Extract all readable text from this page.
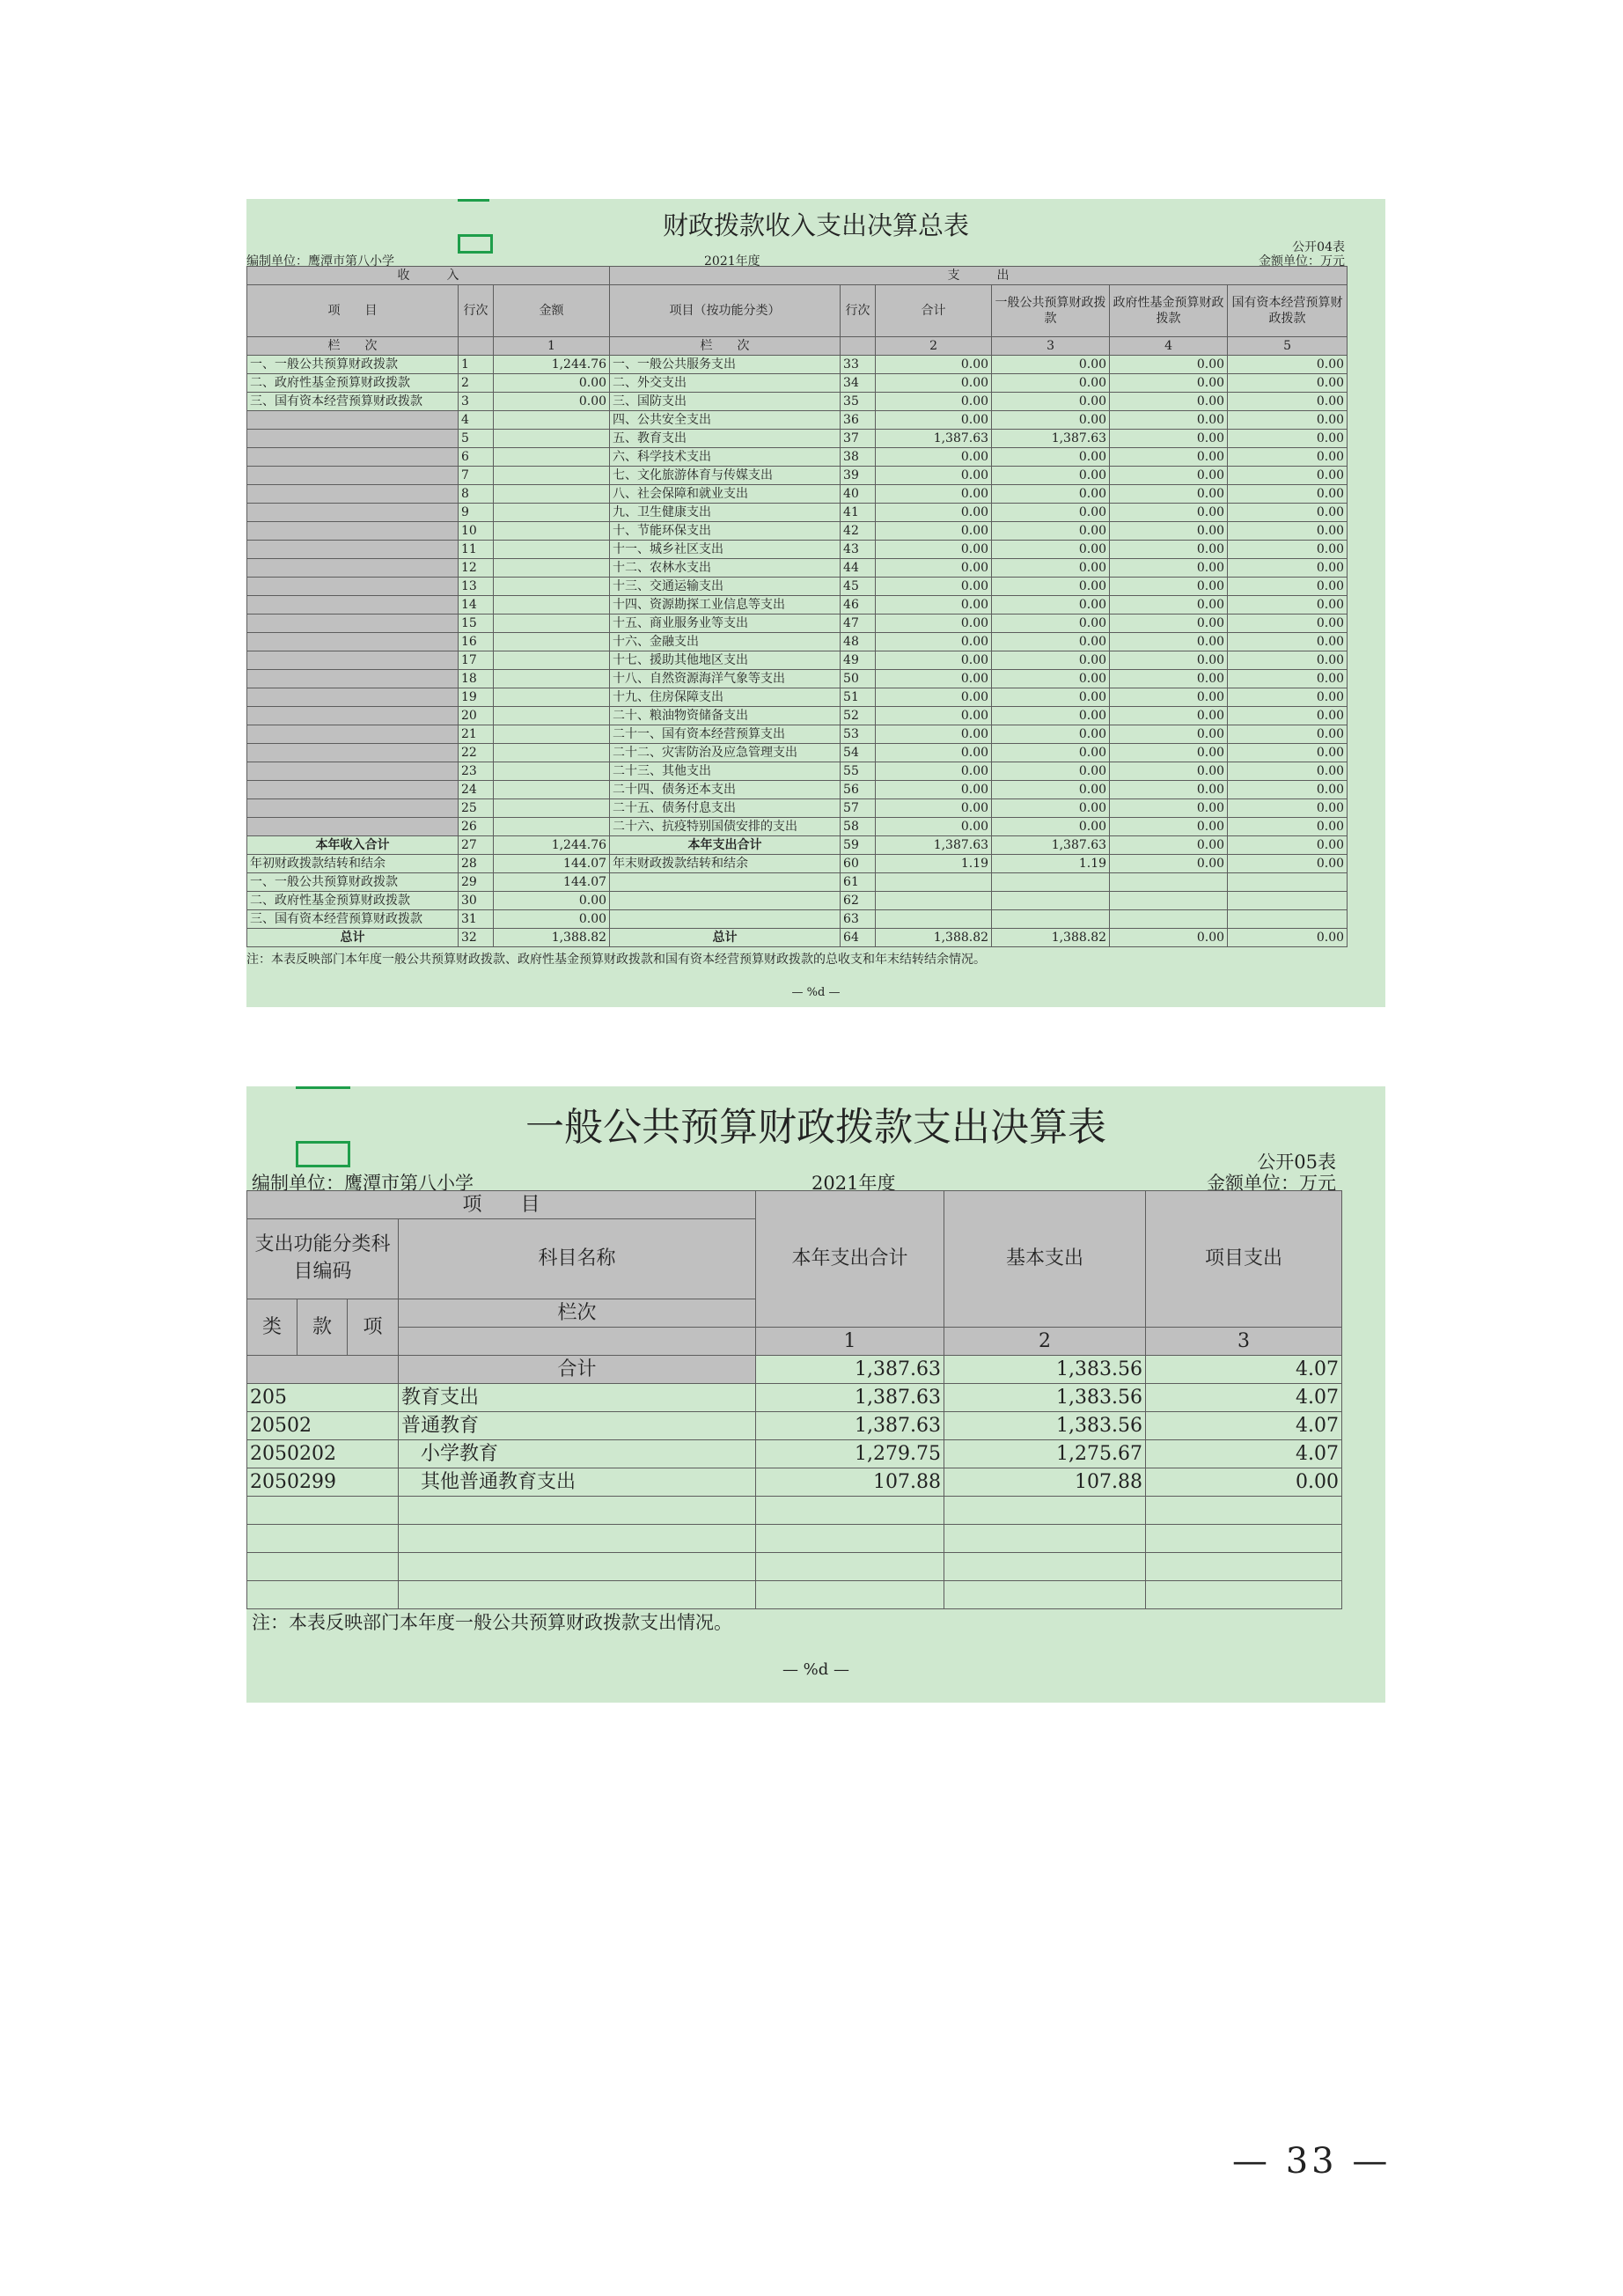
财政拨款收入支出决算总表
公开04表
编制单位：鹰潭市第八小学	2021年度	金额单位：万元
收　　　入			支　　　出					
项　　目	行次	金额	项目（按功能分类）	行次	合计	一般公共预算财政拨款	政府性基金预算财政拨款	国有资本经营预算财政拨款
栏　　次		1	栏　　次		2	3	4	5
一、一般公共预算财政拨款	1	1,244.76	一、一般公共服务支出	33	0.00	0.00	0.00	0.00
二、政府性基金预算财政拨款	2	0.00	二、外交支出	34	0.00	0.00	0.00	0.00
三、国有资本经营预算财政拨款	3	0.00	三、国防支出	35	0.00	0.00	0.00	0.00
	4		四、公共安全支出	36	0.00	0.00	0.00	0.00
	5		五、教育支出	37	1,387.63	1,387.63	0.00	0.00
	6		六、科学技术支出	38	0.00	0.00	0.00	0.00
	7		七、文化旅游体育与传媒支出	39	0.00	0.00	0.00	0.00
	8		八、社会保障和就业支出	40	0.00	0.00	0.00	0.00
	9		九、卫生健康支出	41	0.00	0.00	0.00	0.00
	10		十、节能环保支出	42	0.00	0.00	0.00	0.00
	11		十一、城乡社区支出	43	0.00	0.00	0.00	0.00
	12		十二、农林水支出	44	0.00	0.00	0.00	0.00
	13		十三、交通运输支出	45	0.00	0.00	0.00	0.00
	14		十四、资源勘探工业信息等支出	46	0.00	0.00	0.00	0.00
	15		十五、商业服务业等支出	47	0.00	0.00	0.00	0.00
	16		十六、金融支出	48	0.00	0.00	0.00	0.00
	17		十七、援助其他地区支出	49	0.00	0.00	0.00	0.00
	18		十八、自然资源海洋气象等支出	50	0.00	0.00	0.00	0.00
	19		十九、住房保障支出	51	0.00	0.00	0.00	0.00
	20		二十、粮油物资储备支出	52	0.00	0.00	0.00	0.00
	21		二十一、国有资本经营预算支出	53	0.00	0.00	0.00	0.00
	22		二十二、灾害防治及应急管理支出	54	0.00	0.00	0.00	0.00
	23		二十三、其他支出	55	0.00	0.00	0.00	0.00
	24		二十四、债务还本支出	56	0.00	0.00	0.00	0.00
	25		二十五、债务付息支出	57	0.00	0.00	0.00	0.00
	26		二十六、抗疫特别国债安排的支出	58	0.00	0.00	0.00	0.00
本年收入合计	27	1,244.76	本年支出合计	59	1,387.63	1,387.63	0.00	0.00
年初财政拨款结转和结余	28	144.07	年末财政拨款结转和结余	60	1.19	1.19	0.00	0.00
一、一般公共预算财政拨款	29	144.07		61				
二、政府性基金预算财政拨款	30	0.00		62				
三、国有资本经营预算财政拨款	31	0.00		63				
总计	32	1,388.82	总计	64	1,388.82	1,388.82	0.00	0.00
注：本表反映部门本年度一般公共预算财政拨款、政府性基金预算财政拨款和国有资本经营预算财政拨款的总收支和年末结转结余情况。
— %d —
一般公共预算财政拨款支出决算表
公开05表
编制单位：鹰潭市第八小学	2021年度	金额单位：万元
项　　目				本年支出合计	基本支出	项目支出
支出功能分类科目编码			科目名称			
类	款	项	栏次			
				1	2	3
			合计	1,387.63	1,383.56	4.07
205			教育支出	1,387.63	1,383.56	4.07
20502			普通教育	1,387.63	1,383.56	4.07
2050202			　小学教育	1,279.75	1,275.67	4.07
2050299			　其他普通教育支出	107.88	107.88	0.00

注：本表反映部门本年度一般公共预算财政拨款支出情况。
— %d —
— 33 —
